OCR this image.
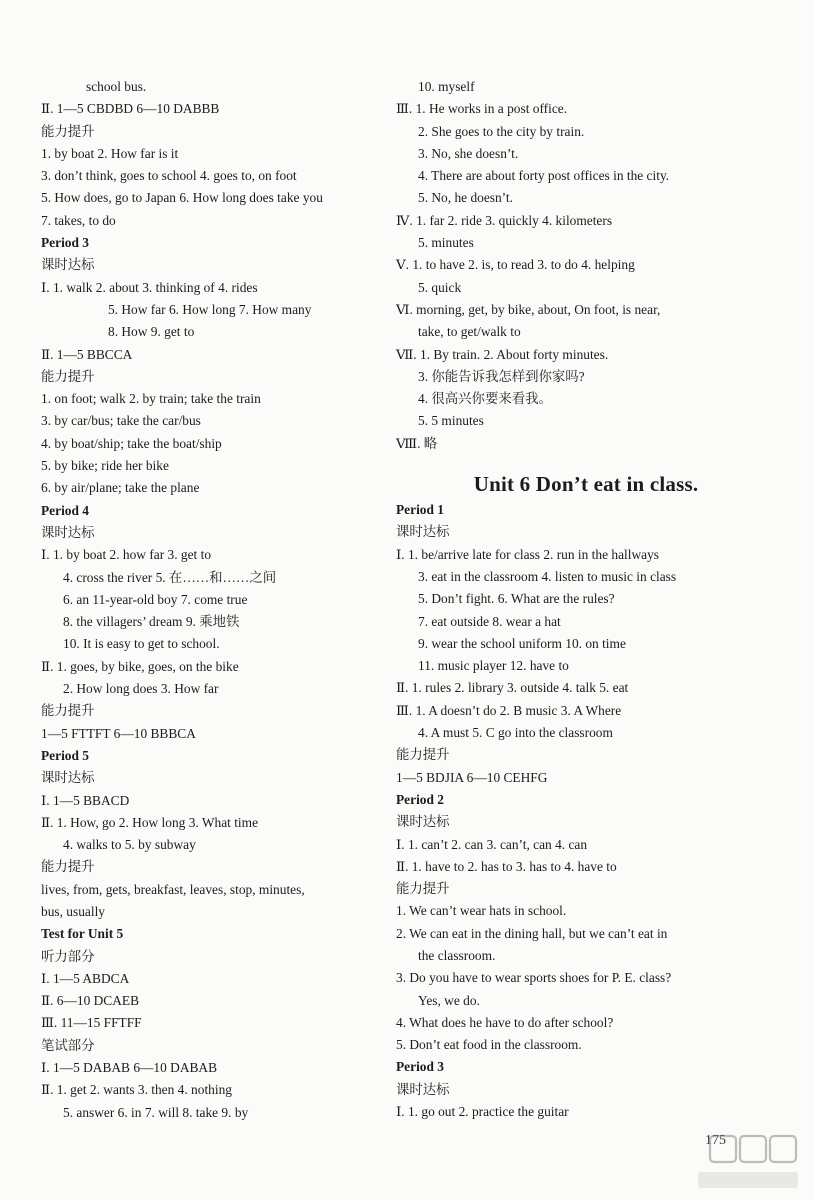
school bus.
Ⅱ. 1—5 CBDBD 6—10 DABBB
能力提升
1. by boat 2. How far is it
3. don’t think, goes to school 4. goes to, on foot
5. How does, go to Japan 6. How long does take you
7. takes, to do
Period 3
课时达标
Ⅰ. 1. walk 2. about 3. thinking of 4. rides
5. How far 6. How long 7. How many
8. How 9. get to
Ⅱ. 1—5 BBCCA
能力提升
1. on foot; walk 2. by train; take the train
3. by car/bus; take the car/bus
4. by boat/ship; take the boat/ship
5. by bike; ride her bike
6. by air/plane; take the plane
Period 4
课时达标
Ⅰ. 1. by boat 2. how far 3. get to
4. cross the river 5. 在……和……之间
6. an 11-year-old boy 7. come true
8. the villagers’ dream 9. 乘地铁
10. It is easy to get to school.
Ⅱ. 1. goes, by bike, goes, on the bike
2. How long does 3. How far
能力提升
1—5 FTTFT 6—10 BBBCA
Period 5
课时达标
Ⅰ. 1—5 BBACD
Ⅱ. 1. How, go 2. How long 3. What time
4. walks to 5. by subway
能力提升
lives, from, gets, breakfast, leaves, stop, minutes,
bus, usually
Test for Unit 5
听力部分
Ⅰ. 1—5 ABDCA
Ⅱ. 6—10 DCAEB
Ⅲ. 11—15 FFTFF
笔试部分
Ⅰ. 1—5 DABAB 6—10 DABAB
Ⅱ. 1. get 2. wants 3. then 4. nothing
5. answer 6. in 7. will 8. take 9. by
10. myself
Ⅲ. 1. He works in a post office.
2. She goes to the city by train.
3. No, she doesn’t.
4. There are about forty post offices in the city.
5. No, he doesn’t.
Ⅳ. 1. far 2. ride 3. quickly 4. kilometers
5. minutes
Ⅴ. 1. to have 2. is, to read 3. to do 4. helping
5. quick
Ⅵ. morning, get, by bike, about, On foot, is near,
take, to get/walk to
Ⅶ. 1. By train. 2. About forty minutes.
3. 你能告诉我怎样到你家吗?
4. 很高兴你要来看我。
5. 5 minutes
Ⅷ. 略
Unit 6 Don’t eat in class.
Period 1
课时达标
Ⅰ. 1. be/arrive late for class 2. run in the hallways
3. eat in the classroom 4. listen to music in class
5. Don’t fight. 6. What are the rules?
7. eat outside 8. wear a hat
9. wear the school uniform 10. on time
11. music player 12. have to
Ⅱ. 1. rules 2. library 3. outside 4. talk 5. eat
Ⅲ. 1. A doesn’t do 2. B music 3. A Where
4. A must 5. C go into the classroom
能力提升
1—5 BDJIA 6—10 CEHFG
Period 2
课时达标
Ⅰ. 1. can’t 2. can 3. can’t, can 4. can
Ⅱ. 1. have to 2. has to 3. has to 4. have to
能力提升
1. We can’t wear hats in school.
2. We can eat in the dining hall, but we can’t eat in
the classroom.
3. Do you have to wear sports shoes for P. E. class?
Yes, we do.
4. What does he have to do after school?
5. Don’t eat food in the classroom.
Period 3
课时达标
Ⅰ. 1. go out 2. practice the guitar
175
